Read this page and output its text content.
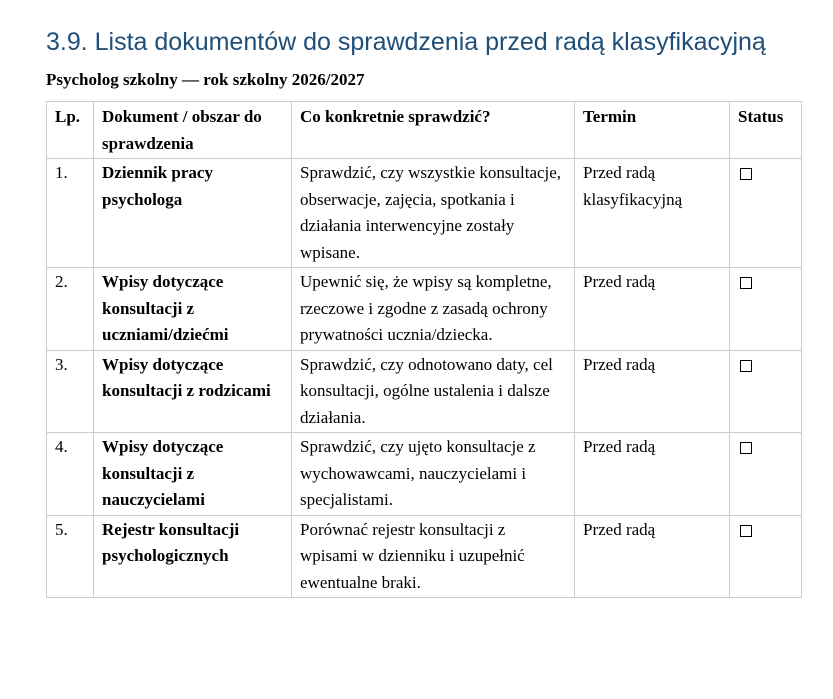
3.9. Lista dokumentów do sprawdzenia przed radą klasyfikacyjną

Psycholog szkolny — rok szkolny 2026/2027

Lp.	Dokument / obszar do sprawdzenia	Co konkretnie sprawdzić?	Termin	Status
1.	Dziennik pracy psychologa	Sprawdzić, czy wszystkie konsultacje, obserwacje, zajęcia, spotkania i działania interwencyjne zostały wpisane.	Przed radą klasyfikacyjną	
2.	Wpisy dotyczące konsultacji z uczniami/dziećmi	Upewnić się, że wpisy są kompletne, rzeczowe i zgodne z zasadą ochrony prywatności ucznia/dziecka.	Przed radą	
3.	Wpisy dotyczące konsultacji z rodzicami	Sprawdzić, czy odnotowano daty, cel konsultacji, ogólne ustalenia i dalsze działania.	Przed radą	
4.	Wpisy dotyczące konsultacji z nauczycielami	Sprawdzić, czy ujęto konsultacje z wychowawcami, nauczycielami i specjalistami.	Przed radą	
5.	Rejestr konsultacji psychologicznych	Porównać rejestr konsultacji z wpisami w dzienniku i uzupełnić ewentualne braki.	Przed radą	
